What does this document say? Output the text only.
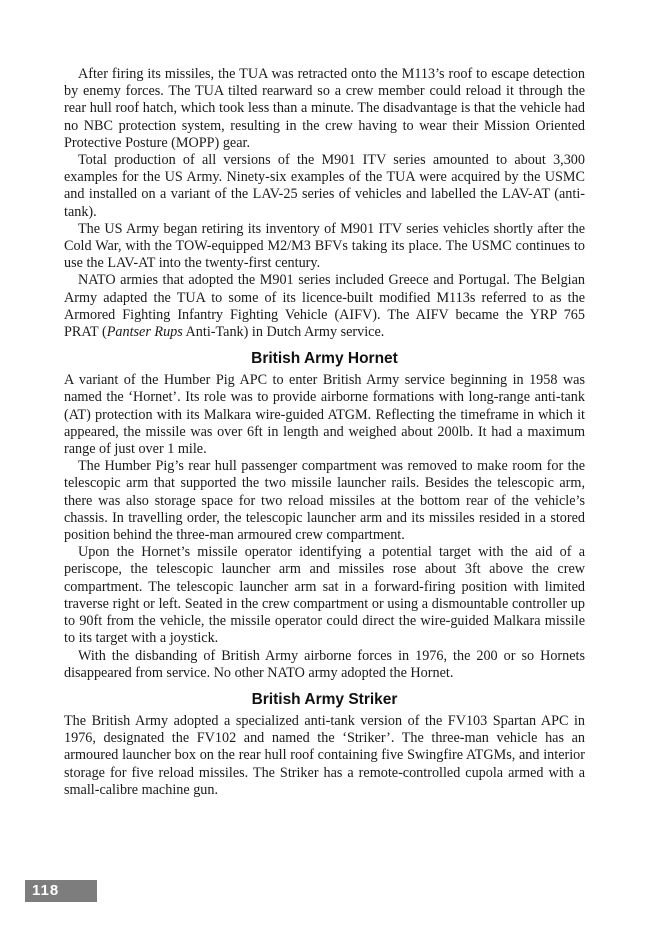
After firing its missiles, the TUA was retracted onto the M113’s roof to escape detection by enemy forces. The TUA tilted rearward so a crew member could reload it through the rear hull roof hatch, which took less than a minute. The disadvantage is that the vehicle had no NBC protection system, resulting in the crew having to wear their Mission Oriented Protective Posture (MOPP) gear.

Total production of all versions of the M901 ITV series amounted to about 3,300 examples for the US Army. Ninety-six examples of the TUA were acquired by the USMC and installed on a variant of the LAV-25 series of vehicles and labelled the LAV-AT (anti-tank).

The US Army began retiring its inventory of M901 ITV series vehicles shortly after the Cold War, with the TOW-equipped M2/M3 BFVs taking its place. The USMC continues to use the LAV-AT into the twenty-first century.

NATO armies that adopted the M901 series included Greece and Portugal. The Belgian Army adapted the TUA to some of its licence-built modified M113s referred to as the Armored Fighting Infantry Fighting Vehicle (AIFV). The AIFV became the YRP 765 PRAT (Pantser Rups Anti-Tank) in Dutch Army service.

British Army Hornet

A variant of the Humber Pig APC to enter British Army service beginning in 1958 was named the ‘Hornet’. Its role was to provide airborne formations with long-range anti-tank (AT) protection with its Malkara wire-guided ATGM. Reflecting the timeframe in which it appeared, the missile was over 6ft in length and weighed about 200lb. It had a maximum range of just over 1 mile.

The Humber Pig’s rear hull passenger compartment was removed to make room for the telescopic arm that supported the two missile launcher rails. Besides the telescopic arm, there was also storage space for two reload missiles at the bottom rear of the vehicle’s chassis. In travelling order, the telescopic launcher arm and its missiles resided in a stored position behind the three-man armoured crew compartment.

Upon the Hornet’s missile operator identifying a potential target with the aid of a periscope, the telescopic launcher arm and missiles rose about 3ft above the crew compartment. The telescopic launcher arm sat in a forward-firing position with limited traverse right or left. Seated in the crew compartment or using a dismountable controller up to 90ft from the vehicle, the missile operator could direct the wire-guided Malkara missile to its target with a joystick.

With the disbanding of British Army airborne forces in 1976, the 200 or so Hornets disappeared from service. No other NATO army adopted the Hornet.

British Army Striker

The British Army adopted a specialized anti-tank version of the FV103 Spartan APC in 1976, designated the FV102 and named the ‘Striker’. The three-man vehicle has an armoured launcher box on the rear hull roof containing five Swingfire ATGMs, and interior storage for five reload missiles. The Striker has a remote-controlled cupola armed with a small-calibre machine gun.

118
